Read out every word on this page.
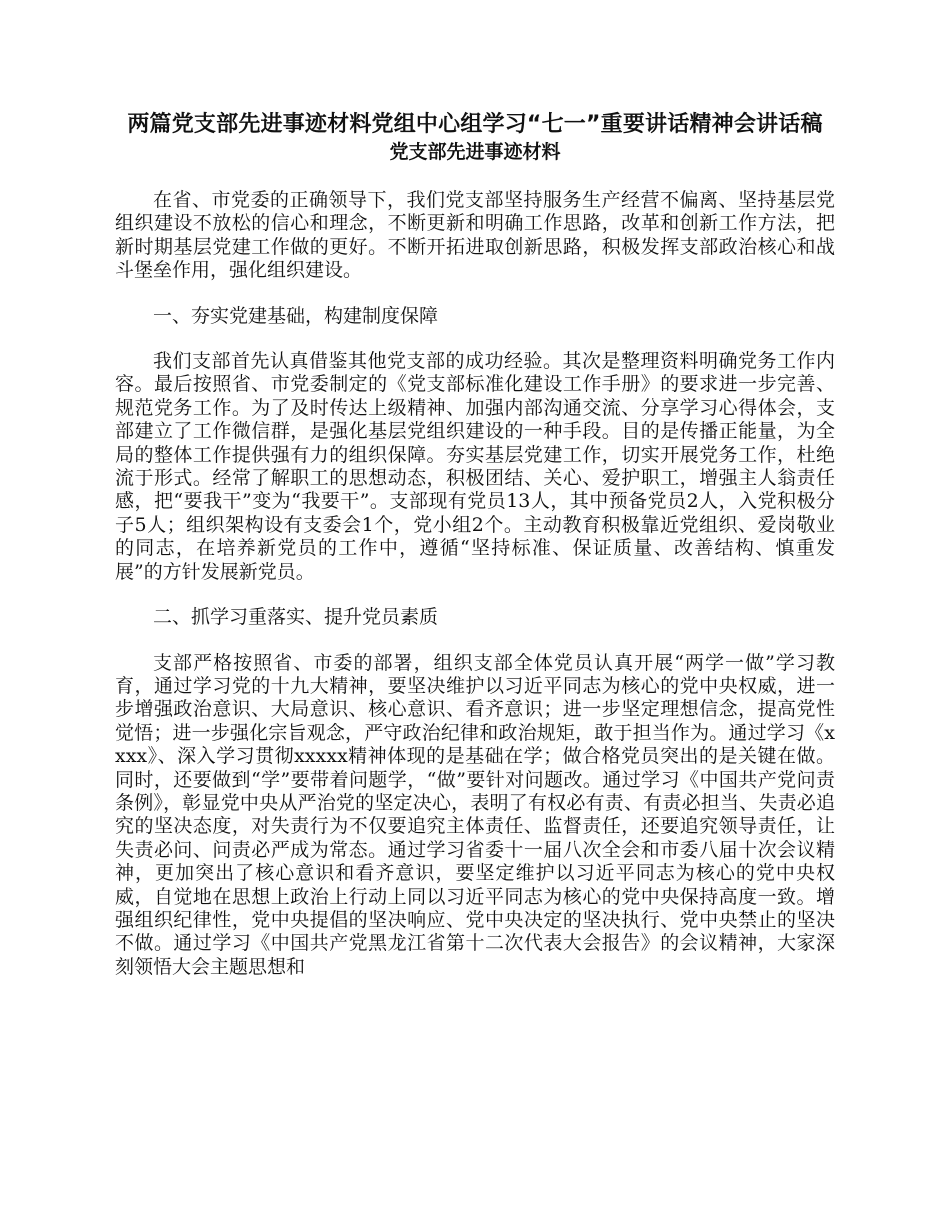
两篇党支部先进事迹材料党组中心组学习“七一”重要讲话精神会讲话稿
党支部先进事迹材料

在省、市党委的正确领导下，我们党支部坚持服务生产经营不偏离、坚持基层党组织建设不放松的信心和理念，不断更新和明确工作思路，改革和创新工作方法，把新时期基层党建工作做的更好。不断开拓进取创新思路，积极发挥支部政治核心和战斗堡垒作用，强化组织建设。

一、夯实党建基础，构建制度保障

我们支部首先认真借鉴其他党支部的成功经验。其次是整理资料明确党务工作内容。最后按照省、市党委制定的《党支部标准化建设工作手册》的要求进一步完善、规范党务工作。为了及时传达上级精神、加强内部沟通交流、分享学习心得体会，支部建立了工作微信群，是强化基层党组织建设的一种手段。目的是传播正能量，为全局的整体工作提供强有力的组织保障。夯实基层党建工作，切实开展党务工作，杜绝流于形式。经常了解职工的思想动态，积极团结、关心、爱护职工，增强主人翁责任感，把“要我干”变为“我要干”。支部现有党员13人，其中预备党员2人，入党积极分子5人；组织架构设有支委会1个，党小组2个。主动教育积极靠近党组织、爱岗敬业的同志，在培养新党员的工作中，遵循“坚持标准、保证质量、改善结构、慎重发展”的方针发展新党员。

二、抓学习重落实、提升党员素质

支部严格按照省、市委的部署，组织支部全体党员认真开展“两学一做”学习教育，通过学习党的十九大精神，要坚决维护以习近平同志为核心的党中央权威，进一步增强政治意识、大局意识、核心意识、看齐意识；进一步坚定理想信念，提高党性觉悟；进一步强化宗旨观念，严守政治纪律和政治规矩，敢于担当作为。通过学习《xxxx》、深入学习贯彻xxxxx精神体现的是基础在学；做合格党员突出的是关键在做。同时，还要做到“学”要带着问题学，“做”要针对问题改。通过学习《中国共产党问责条例》，彰显党中央从严治党的坚定决心，表明了有权必有责、有责必担当、失责必追究的坚决态度，对失责行为不仅要追究主体责任、监督责任，还要追究领导责任，让失责必问、问责必严成为常态。通过学习省委十一届八次全会和市委八届十次会议精神，更加突出了核心意识和看齐意识，要坚定维护以习近平同志为核心的党中央权威，自觉地在思想上政治上行动上同以习近平同志为核心的党中央保持高度一致。增强组织纪律性，党中央提倡的坚决响应、党中央决定的坚决执行、党中央禁止的坚决不做。通过学习《中国共产党黑龙江省第十二次代表大会报告》的会议精神，大家深刻领悟大会主题思想和
